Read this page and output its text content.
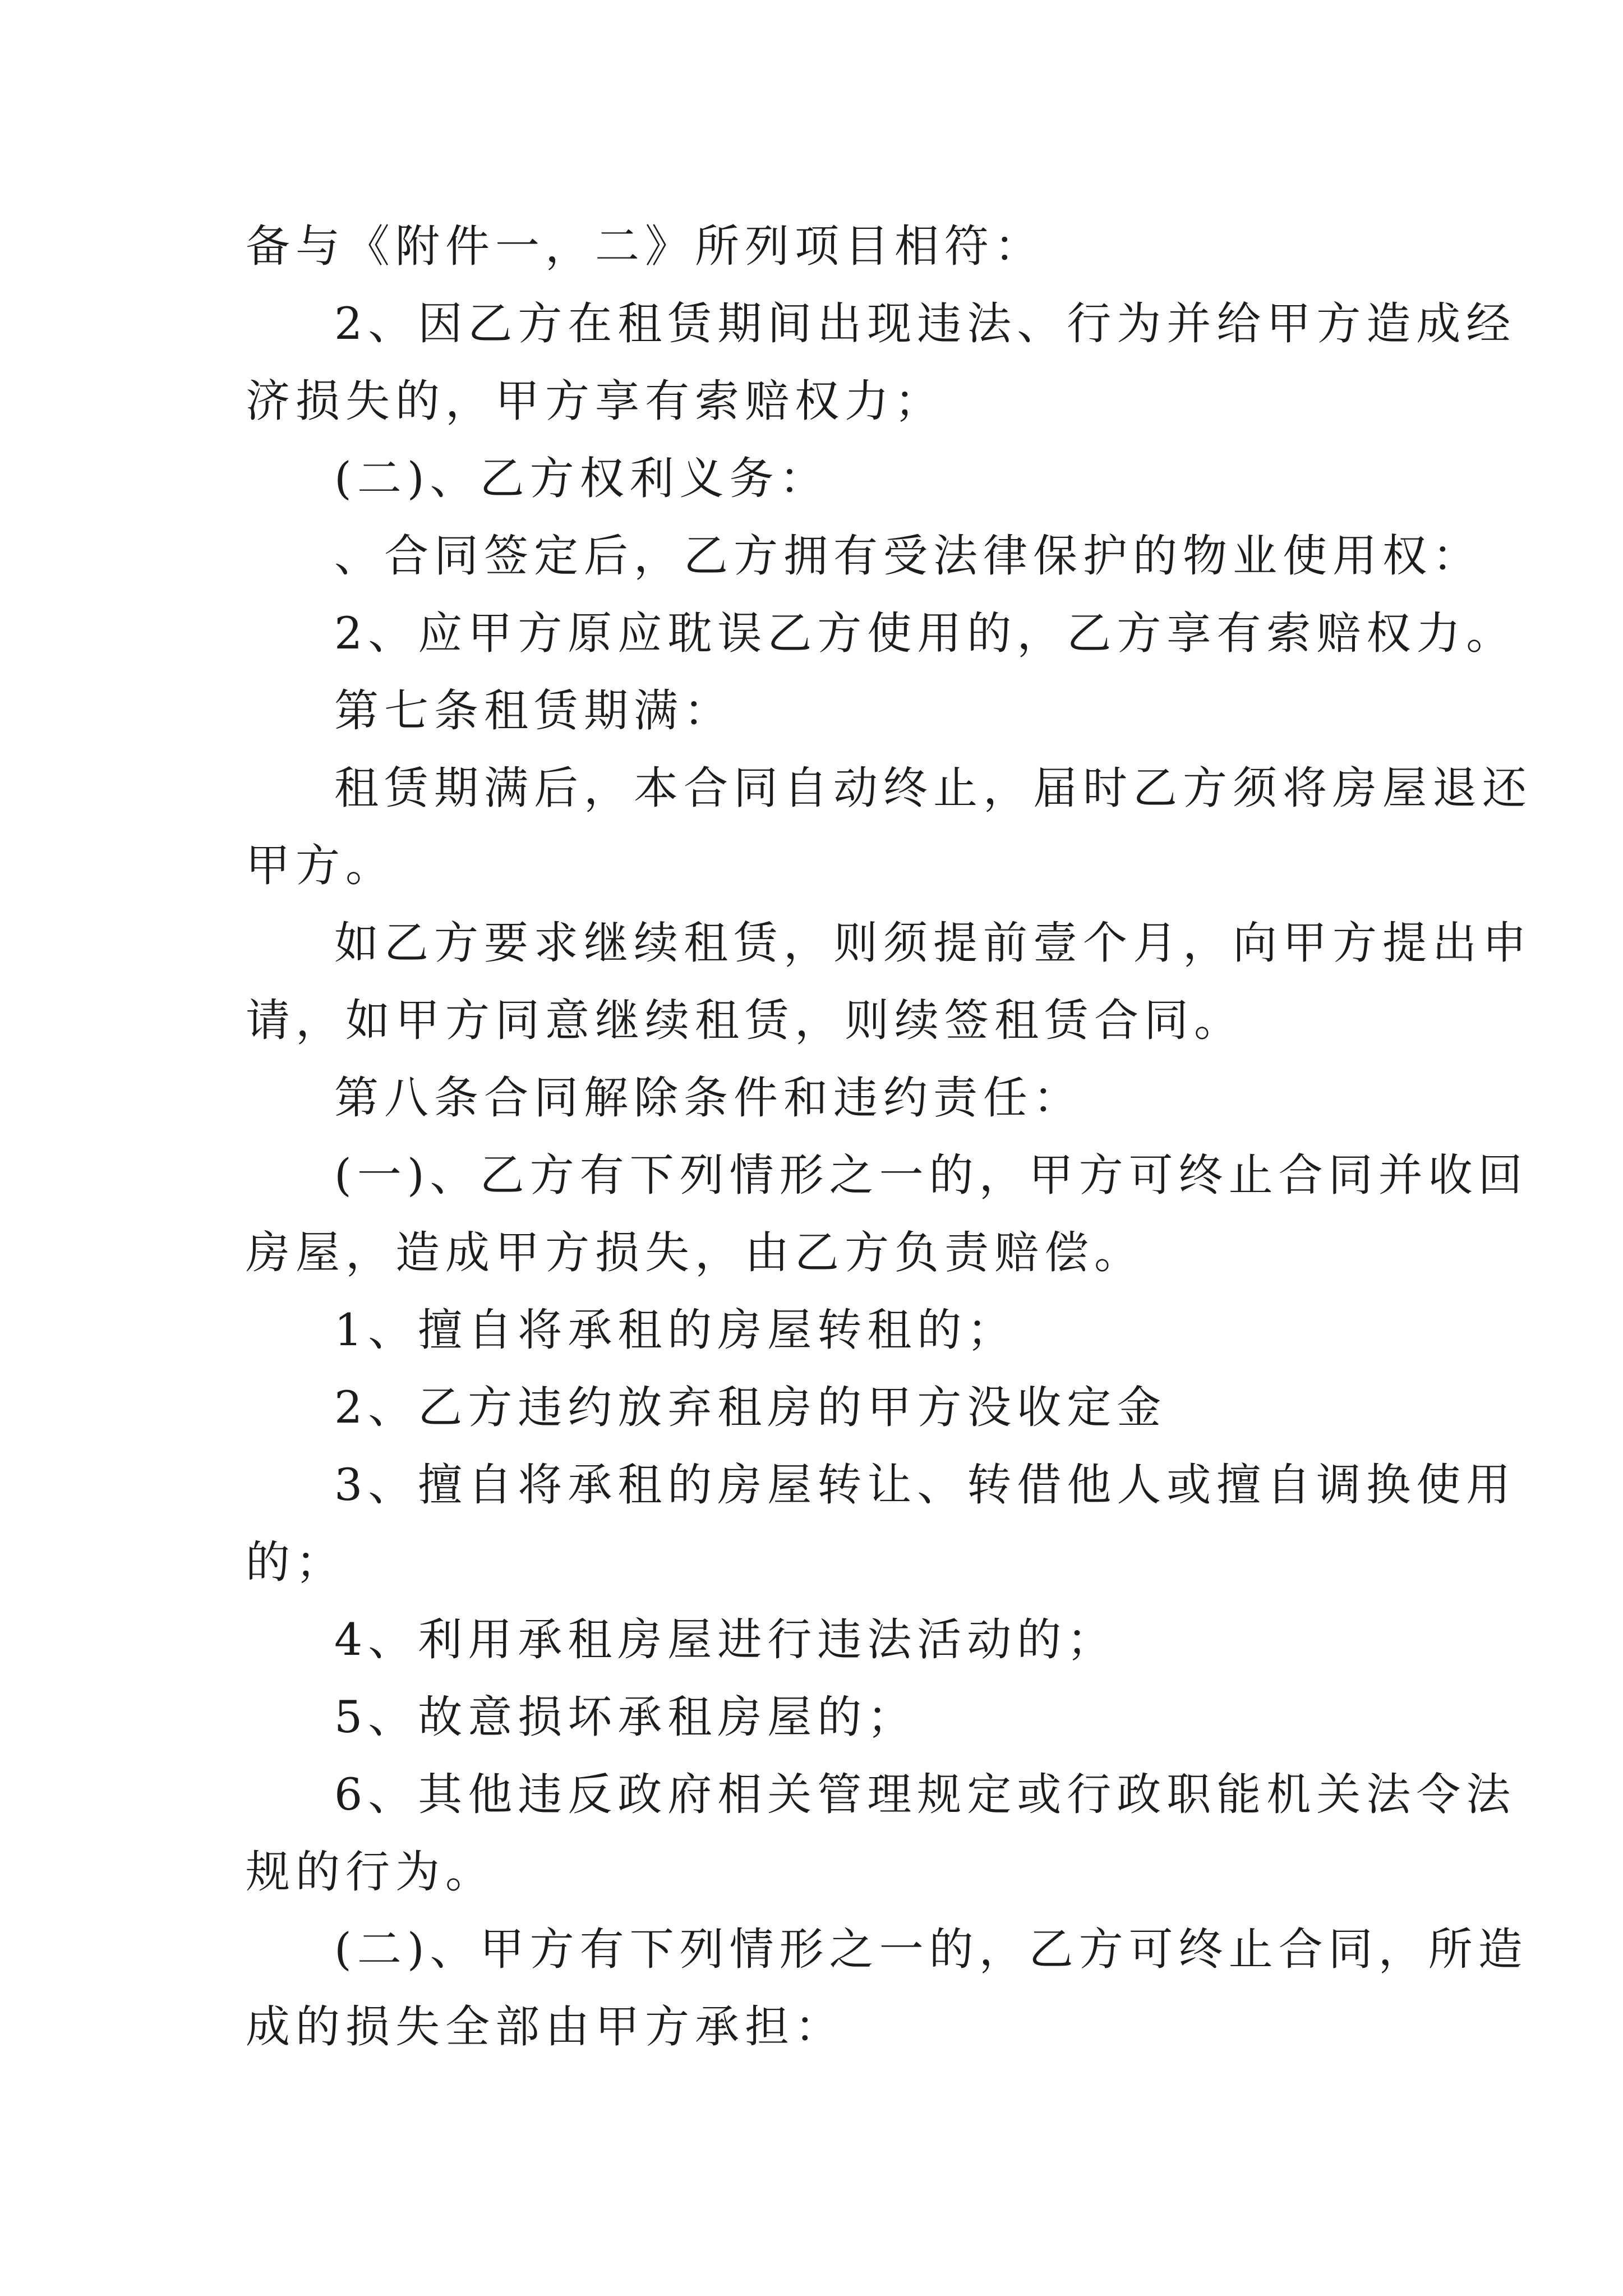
备与《附件一，二》所列项目相符：
2、因乙方在租赁期间出现违法、行为并给甲方造成经
济损失的，甲方享有索赔权力；
(二)、乙方权利义务：
、合同签定后，乙方拥有受法律保护的物业使用权：
2、应甲方原应耽误乙方使用的，乙方享有索赔权力。
第七条租赁期满：
租赁期满后，本合同自动终止，届时乙方须将房屋退还
甲方。
如乙方要求继续租赁，则须提前壹个月，向甲方提出申
请，如甲方同意继续租赁，则续签租赁合同。
第八条合同解除条件和违约责任：
(一)、乙方有下列情形之一的，甲方可终止合同并收回
房屋，造成甲方损失，由乙方负责赔偿。
1、擅自将承租的房屋转租的；
2、乙方违约放弃租房的甲方没收定金
3、擅自将承租的房屋转让、转借他人或擅自调换使用
的；
4、利用承租房屋进行违法活动的；
5、故意损坏承租房屋的；
6、其他违反政府相关管理规定或行政职能机关法令法
规的行为。
(二)、甲方有下列情形之一的，乙方可终止合同，所造
成的损失全部由甲方承担：
